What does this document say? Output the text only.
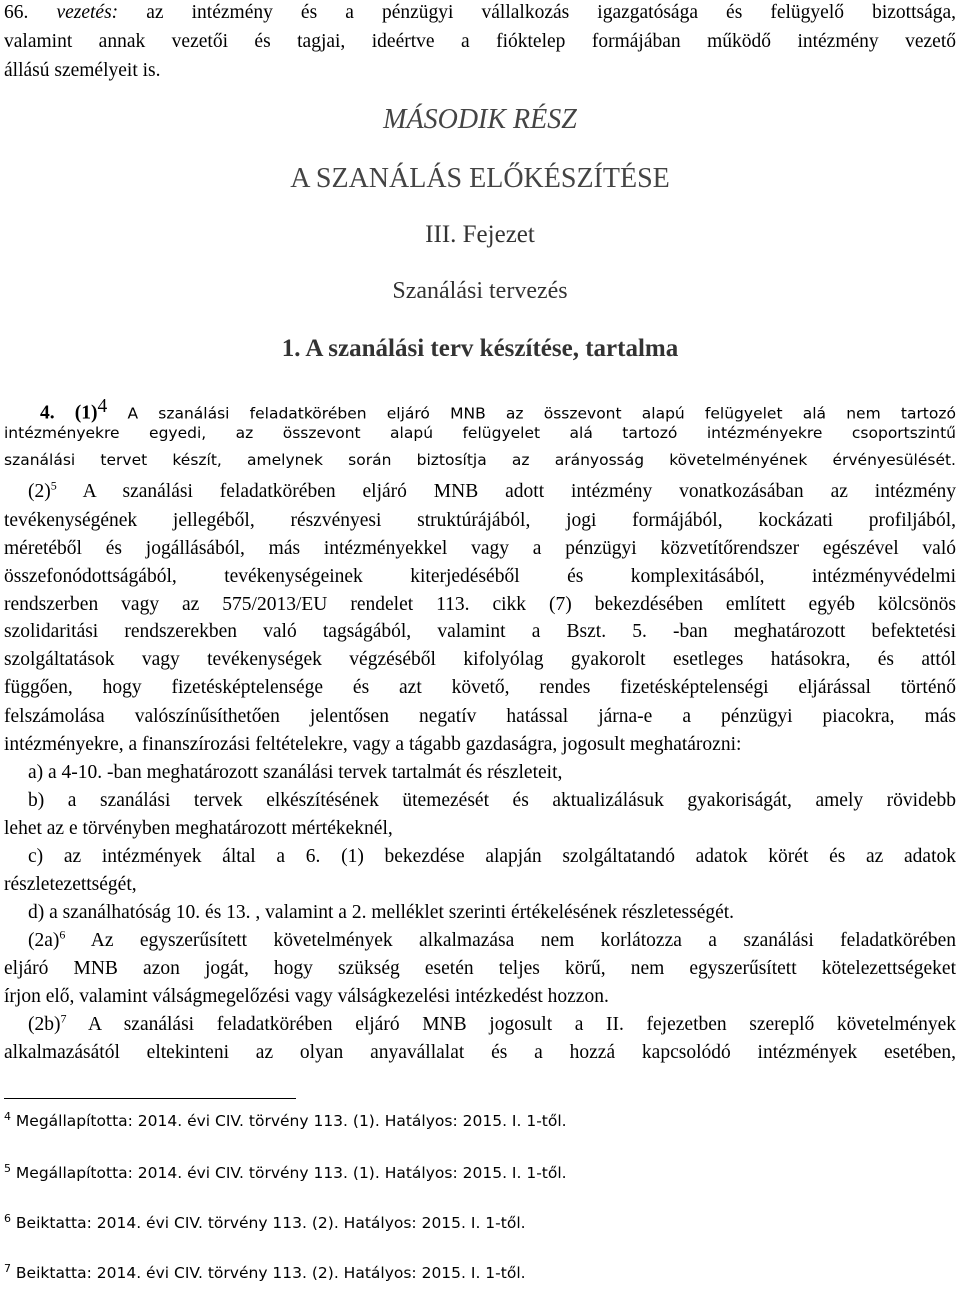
66. vezetés: az intézmény és a pénzügyi vállalkozás igazgatósága és felügyelő bizottsága,
valamint annak vezetői és tagjai, ideértve a fióktelep formájában működő intézmény vezető
állású személyeit is.
MÁSODIK RÉSZ
A SZANÁLÁS ELŐKÉSZÍTÉSE
III. Fejezet
Szanálási tervezés
1. A szanálási terv készítése, tartalma
4. $(1)^4$ A szanálási feladatkörében eljáró MNB az összevont alapú felügyelet alá nem tartozó
intézményekre egyedi, az összevont alapú felügyelet alá tartozó intézményekre csoportszintű
szanálási tervet készít, amelynek során biztosítja az arányosság követelményének érvényesülését.
$(2)^5$ A szanálási feladatkörében eljáró MNB adott intézmény vonatkozásában az intézmény
tevékenységének jellegéből, részvényesi struktúrájából, jogi formájából, kockázati profiljából,
méretéből és jogállásából, más intézményekkel vagy a pénzügyi közvetítőrendszer egészével való
összefonódottságából, tevékenységeinek kiterjedéséből és komplexitásából, intézményvédelmi
rendszerben vagy az 575/2013/EU rendelet 113. cikk (7) bekezdésében említett egyéb kölcsönös
szolidaritási rendszerekben való tagságából, valamint a Bszt. 5. -ban meghatározott befektetési
szolgáltatások vagy tevékenységek végzéséből kifolyólag gyakorolt esetleges hatásokra, és attól
függően, hogy fizetésképtelensége és azt követő, rendes fizetésképtelenségi eljárással történő
felszámolása valószínűsíthetően jelentősen negatív hatással járna-e a pénzügyi piacokra, más
intézményekre, a finanszírozási feltételekre, vagy a tágabb gazdaságra, jogosult meghatározni:
a) a 4-10. -ban meghatározott szanálási tervek tartalmát és részleteit,
b) a szanálási tervek elkészítésének ütemezését és aktualizálásuk gyakoriságát, amely rövidebb
lehet az e törvényben meghatározott mértékeknél,
c) az intézmények által a 6. (1) bekezdése alapján szolgáltatandó adatok körét és az adatok
részletezettségét,
d) a szanálhatóság 10. és 13. , valamint a 2. melléklet szerinti értékelésének részletességét.
$(2a)^6$ Az egyszerűsített követelmények alkalmazása nem korlátozza a szanálási feladatkörében
eljáró MNB azon jogát, hogy szükség esetén teljes körű, nem egyszerűsített kötelezettségeket
írjon elő, valamint válságmegelőzési vagy válságkezelési intézkedést hozzon.
$(2b)^7$ A szanálási feladatkörében eljáró MNB jogosult a II. fejezetben szereplő követelmények
alkalmazásától eltekinteni az olyan anyavállalat és a hozzá kapcsolódó intézmények esetében,
$^4$ Megállapította: 2014. évi CIV. törvény 113. (1). Hatályos: 2015. I. 1-től.
$^5$ Megállapította: 2014. évi CIV. törvény 113. (1). Hatályos: 2015. I. 1-től.
$^6$ Beiktatta: 2014. évi CIV. törvény 113. (2). Hatályos: 2015. I. 1-től.
$^7$ Beiktatta: 2014. évi CIV. törvény 113. (2). Hatályos: 2015. I. 1-től.
